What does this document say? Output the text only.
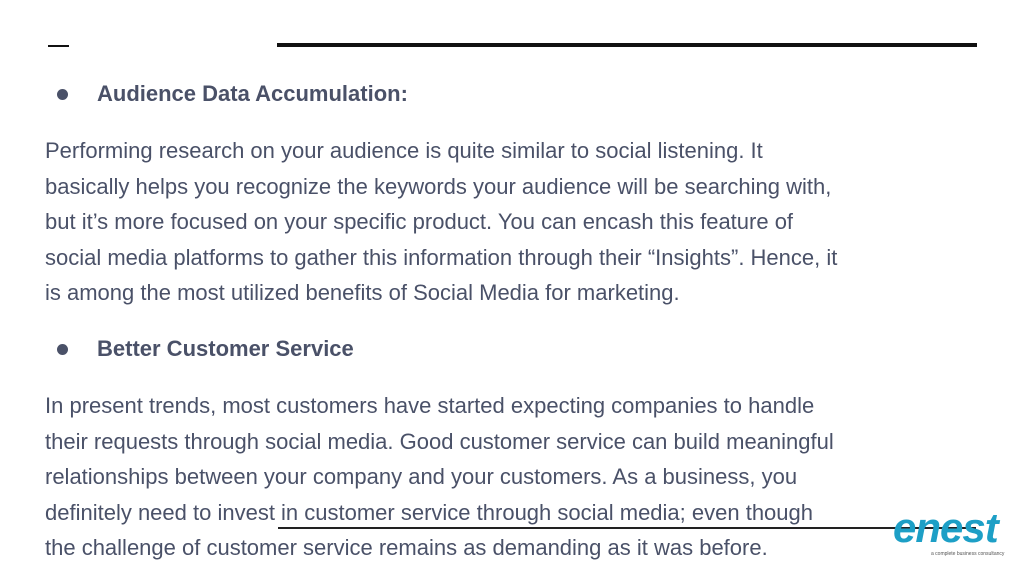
Audience Data Accumulation:

Performing research on your audience is quite similar to social listening. It
basically helps you recognize the keywords your audience will be searching with,
but it’s more focused on your specific product. You can encash this feature of
social media platforms to gather this information through their “Insights”. Hence, it
is among the most utilized benefits of Social Media for marketing.

Better Customer Service

In present trends, most customers have started expecting companies to handle
their requests through social media. Good customer service can build meaningful
relationships between your company and your customers. As a business, you
definitely need to invest in customer service through social media; even though
the challenge of customer service remains as demanding as it was before.	enest
a complete business consultancy
